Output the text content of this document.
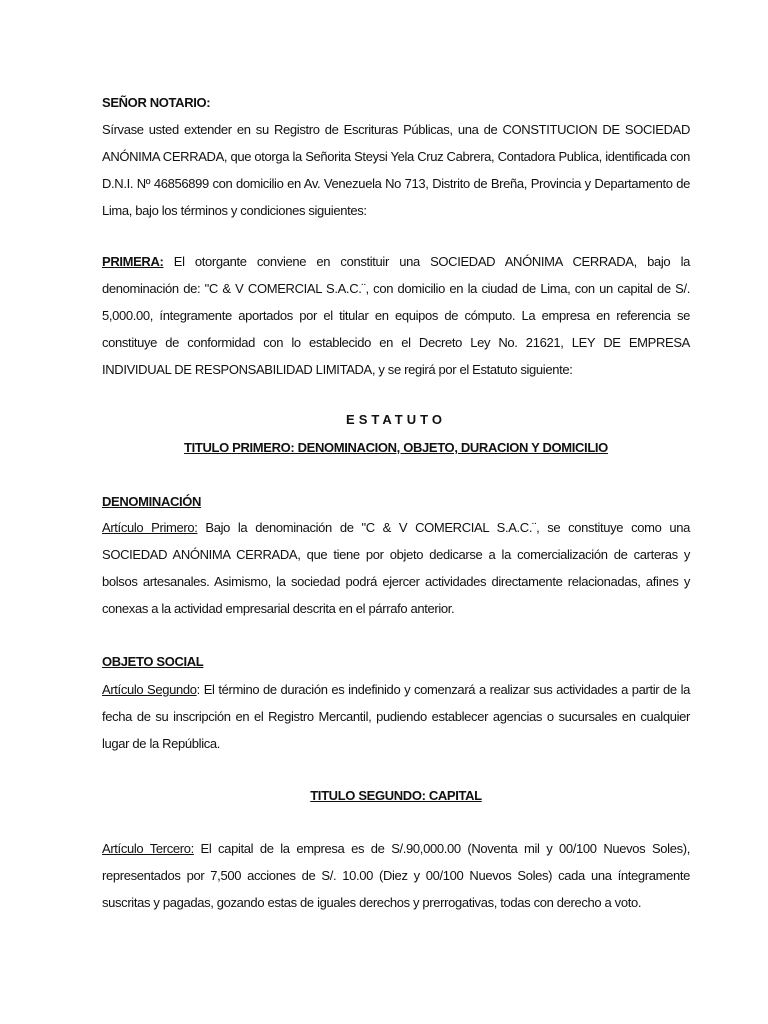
SEÑOR NOTARIO:

Sírvase usted extender en su Registro de Escrituras Públicas, una de CONSTITUCION DE SOCIEDAD ANÓNIMA CERRADA, que otorga la Señorita Steysi Yela Cruz Cabrera, Contadora Publica, identificada con D.N.I. Nº 46856899 con domicilio en Av. Venezuela No 713, Distrito de Breña, Provincia y Departamento de Lima, bajo los términos y condiciones siguientes:

PRIMERA: El otorgante conviene en constituir una SOCIEDAD ANÓNIMA CERRADA, bajo la denominación de: "C & V COMERCIAL S.A.C.¨, con domicilio en la ciudad de Lima, con un capital de S/. 5,000.00, íntegramente aportados por el titular en equipos de cómputo. La empresa en referencia se constituye de conformidad con lo establecido en el Decreto Ley No. 21621, LEY DE EMPRESA INDIVIDUAL DE RESPONSABILIDAD LIMITADA, y se regirá por el Estatuto siguiente:

ESTATUTO
TITULO PRIMERO: DENOMINACION, OBJETO, DURACION Y DOMICILIO
DENOMINACIÓN

Artículo Primero: Bajo la denominación de "C & V COMERCIAL S.A.C.¨, se constituye como una SOCIEDAD ANÓNIMA CERRADA, que tiene por objeto dedicarse a la comercialización de carteras y bolsos artesanales. Asimismo, la sociedad podrá ejercer actividades directamente relacionadas, afines y conexas a la actividad empresarial descrita en el párrafo anterior.

OBJETO SOCIAL

Artículo Segundo: El término de duración es indefinido y comenzará a realizar sus actividades a partir de la fecha de su inscripción en el Registro Mercantil, pudiendo establecer agencias o sucursales en cualquier lugar de la República.

TITULO SEGUNDO: CAPITAL

Artículo Tercero: El capital de la empresa es de S/.90,000.00 (Noventa mil y 00/100 Nuevos Soles), representados por 7,500 acciones de S/. 10.00 (Diez y 00/100 Nuevos Soles) cada una íntegramente suscritas y pagadas, gozando estas de iguales derechos y prerrogativas, todas con derecho a voto.
